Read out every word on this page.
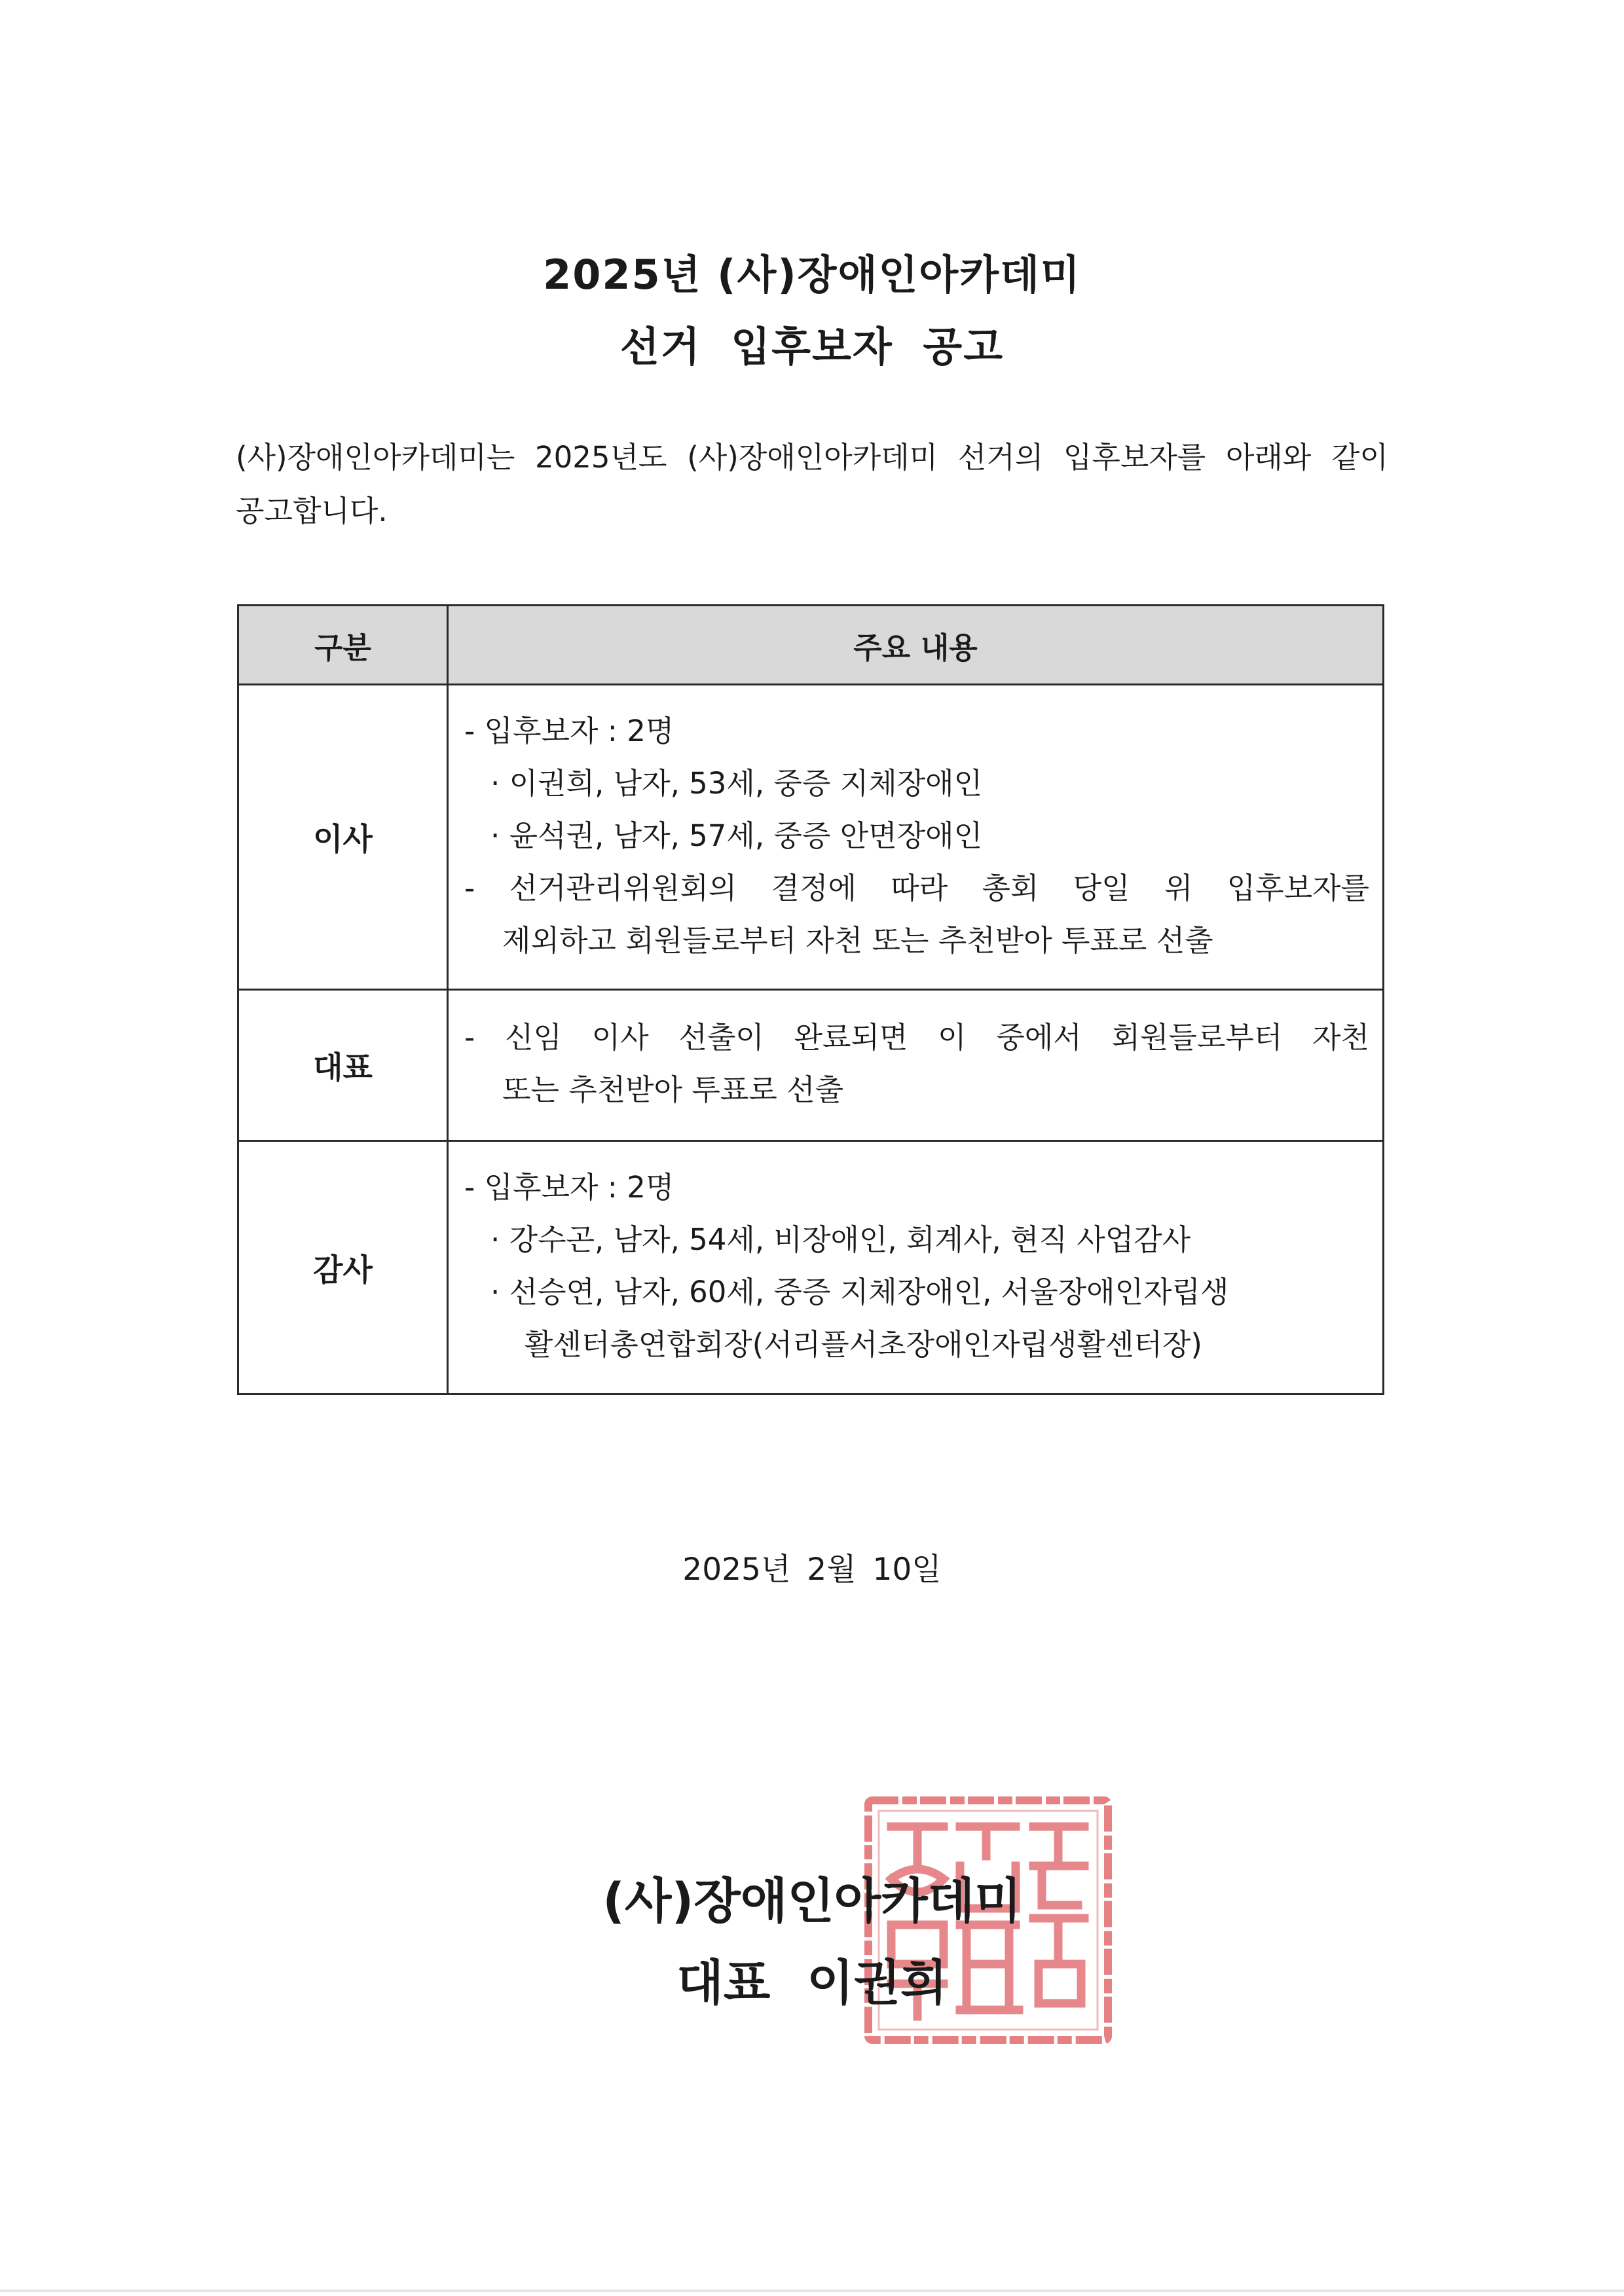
2025년 (사)장애인아카데미
선거 입후보자 공고
(사)장애인아카데미는 2025년도 (사)장애인아카데미 선거의 입후보자를 아래와 같이
공고합니다.
구분	주요 내용
이사	- 입후보자 : 2명
· 이권희, 남자, 53세, 중증 지체장애인
· 윤석권, 남자, 57세, 중증 안면장애인
- 선거관리위원회의 결정에 따라 총회 당일 위 입후보자를
제외하고 회원들로부터 자천 또는 추천받아 투표로 선출

대표	- 신임 이사 선출이 완료되면 이 중에서 회원들로부터 자천
또는 추천받아 투표로 선출

감사	- 입후보자 : 2명
· 강수곤, 남자, 54세, 비장애인, 회계사, 현직 사업감사
· 선승연, 남자, 60세, 중증 지체장애인, 서울장애인자립생
활센터총연합회장(서리플서초장애인자립생활센터장)
2025년 2월 10일
(사)장애인아카데미
대표 이권희
